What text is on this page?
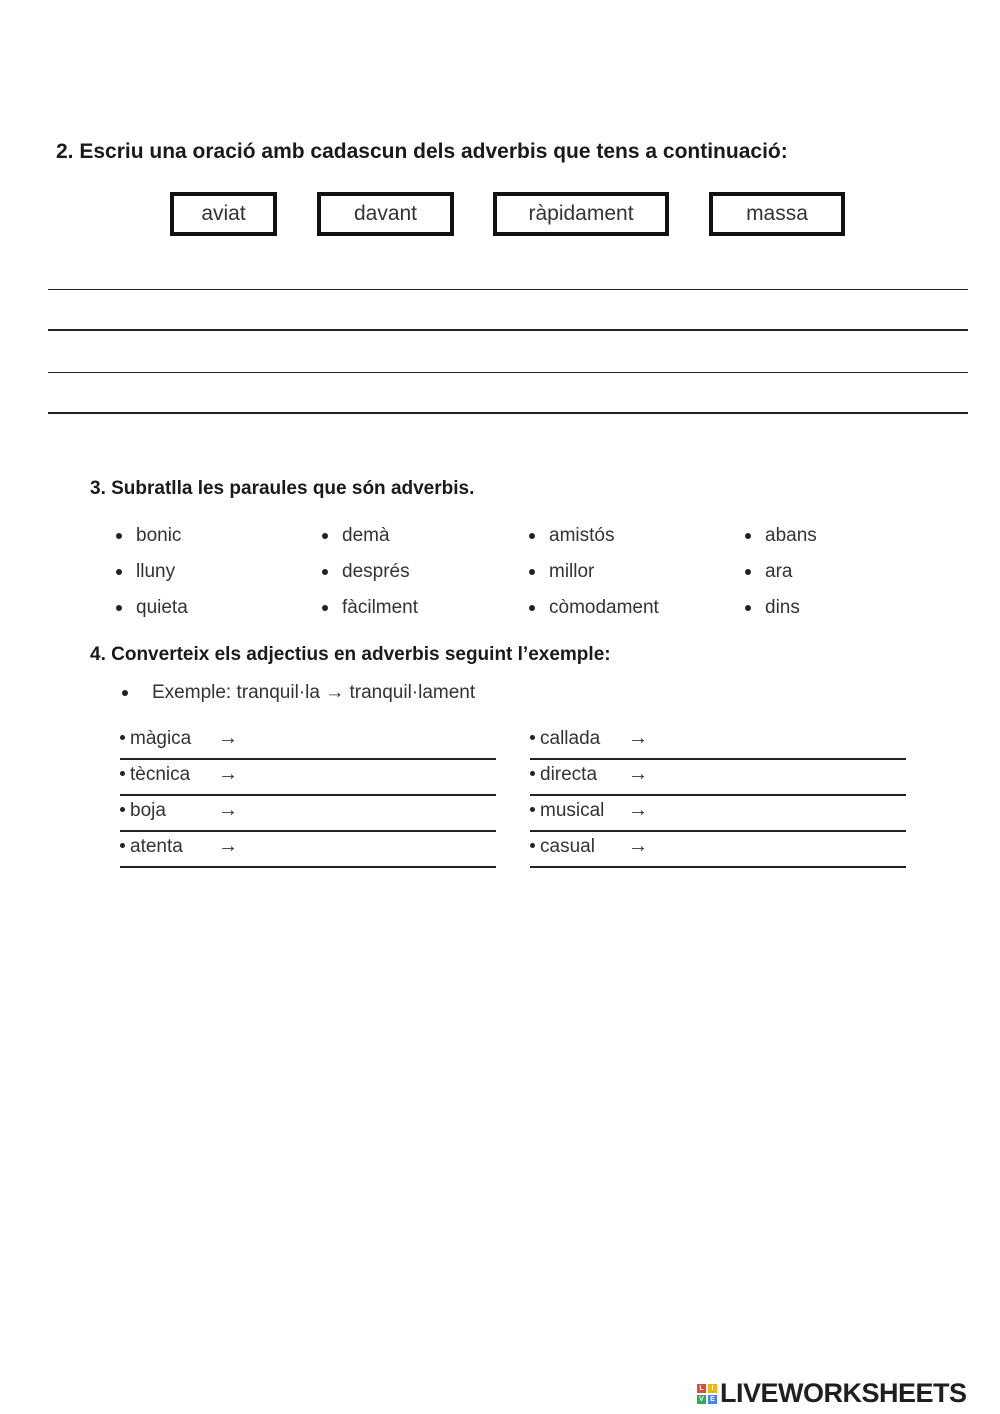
2. Escriu una oració amb cadascun dels adverbis que tens a continuació:
aviat	davant	ràpidament	massa
3. Subratlla les paraules que són adverbis.
bonic
lluny
quieta
demà
després
fàcilment
amistós
millor
còmodament
abans
ara
dins
4. Converteix els adjectius en adverbis seguint l’exemple:
Exemple: tranquil·la → tranquil·lament
màgica →
tècnica →
boja	→
atenta →
callada →
directa →
musical →
casual →
L	I
V E LIVEWORKSHEETS
